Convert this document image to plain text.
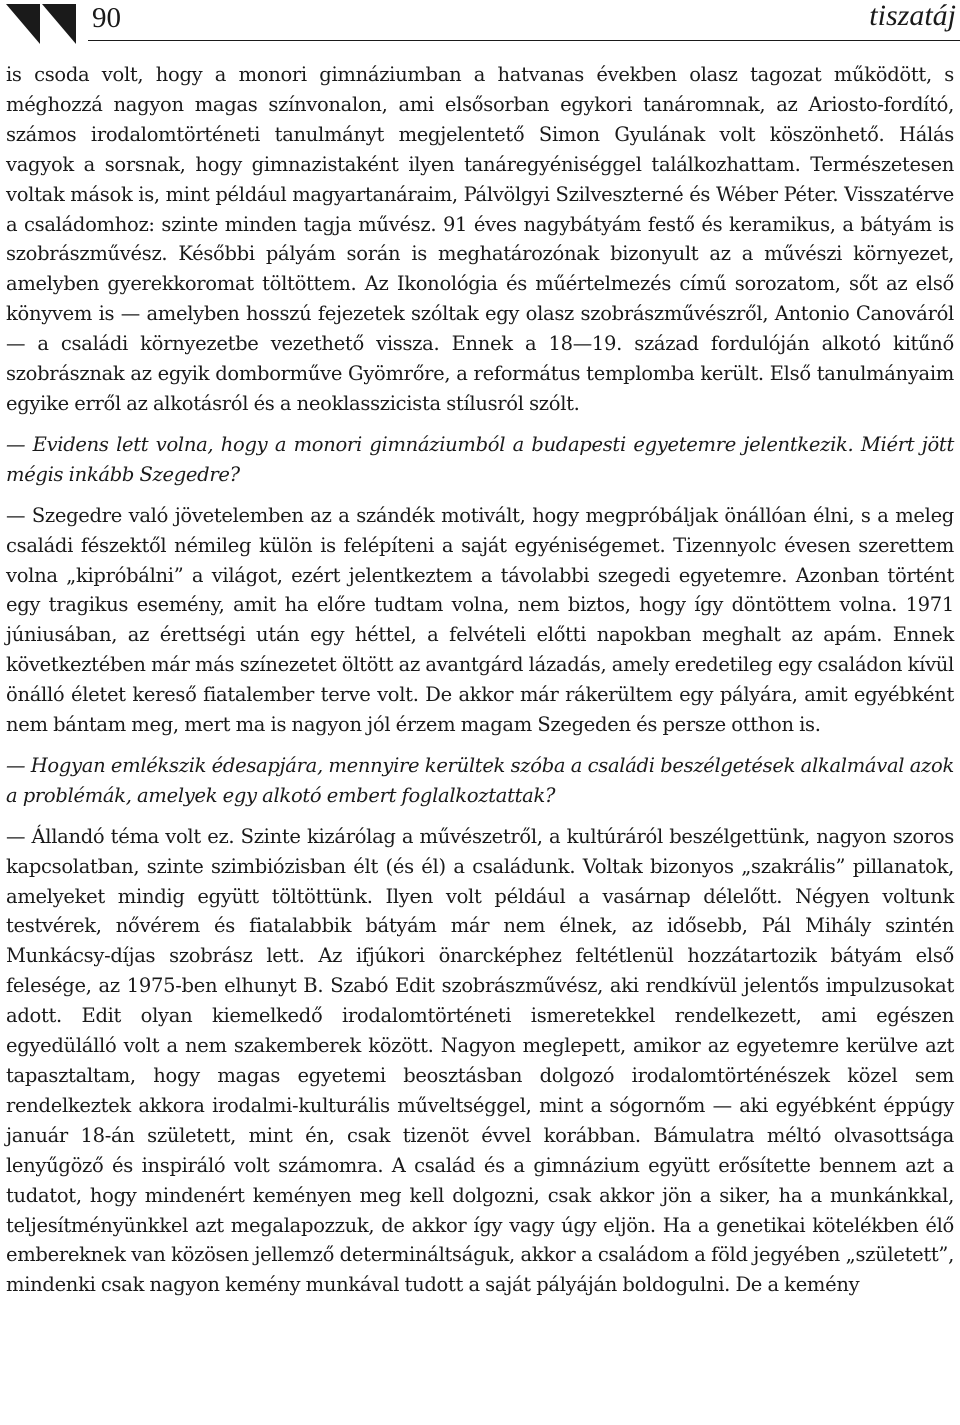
90	tiszatáj

is csoda volt, hogy a monori gimnáziumban a hatvanas években olasz tagozat működött, s méghozzá nagyon magas színvonalon, ami elsősorban egykori tanáromnak, az Ariosto-fordító, számos irodalomtörténeti tanulmányt megjelentető Simon Gyulának volt köszönhető. Hálás vagyok a sorsnak, hogy gimnazistaként ilyen tanáregyéniséggel találkozhattam. Természetesen voltak mások is, mint például magyartanáraim, Pálvölgyi Szilveszterné és Wéber Péter. Visszatérve a családomhoz: szinte minden tagja művész. 91 éves nagybátyám festő és keramikus, a bátyám is szobrászművész. Későbbi pályám során is meghatározónak bizonyult az a művészi környezet, amelyben gyerekkoromat töltöttem. Az Ikonológia és műértelmezés című sorozatom, sőt az első könyvem is — amelyben hosszú fejezetek szóltak egy olasz szobrászművészről, Antonio Canováról — a családi környezetbe vezethető vissza. Ennek a 18—19. század fordulóján alkotó kitűnő szobrásznak az egyik domborműve Gyömrőre, a református templomba került. Első tanulmányaim egyike erről az alkotásról és a neoklasszicista stílusról szólt.

— Evidens lett volna, hogy a monori gimnáziumból a budapesti egyetemre jelentkezik. Miért jött mégis inkább Szegedre?

— Szegedre való jövetelemben az a szándék motivált, hogy megpróbáljak önállóan élni, s a meleg családi fészektől némileg külön is felépíteni a saját egyéniségemet. Tizennyolc évesen szerettem volna „kipróbálni” a világot, ezért jelentkeztem a távolabbi szegedi egyetemre. Azonban történt egy tragikus esemény, amit ha előre tudtam volna, nem biztos, hogy így döntöttem volna. 1971 júniusában, az érettségi után egy héttel, a felvételi előtti napokban meghalt az apám. Ennek következtében már más színezetet öltött az avantgárd lázadás, amely eredetileg egy családon kívül önálló életet kereső fiatalember terve volt. De akkor már rákerültem egy pályára, amit egyébként nem bántam meg, mert ma is nagyon jól érzem magam Szegeden és persze otthon is.

— Hogyan emlékszik édesapjára, mennyire kerültek szóba a családi beszélgetések alkalmával azok a problémák, amelyek egy alkotó embert foglalkoztattak?

— Állandó téma volt ez. Szinte kizárólag a művészetről, a kultúráról beszélgettünk, nagyon szoros kapcsolatban, szinte szimbiózisban élt (és él) a családunk. Voltak bizonyos „szakrális” pillanatok, amelyeket mindig együtt töltöttünk. Ilyen volt például a vasárnap délelőtt. Négyen voltunk testvérek, nővérem és fiatalabbik bátyám már nem élnek, az idősebb, Pál Mihály szintén Munkácsy-díjas szobrász lett. Az ifjúkori önarcképhez feltétlenül hozzátartozik bátyám első felesége, az 1975-ben elhunyt B. Szabó Edit szobrászművész, aki rendkívül jelentős impulzusokat adott. Edit olyan kiemelkedő irodalomtörténeti ismeretekkel rendelkezett, ami egészen egyedülálló volt a nem szakemberek között. Nagyon meglepett, amikor az egyetemre kerülve azt tapasztaltam, hogy magas egyetemi beosztásban dolgozó irodalomtörténészek közel sem rendelkeztek akkora irodalmi-kulturális műveltséggel, mint a sógornőm — aki egyébként éppúgy január 18-án született, mint én, csak tizenöt évvel korábban. Bámulatra méltó olvasottsága lenyűgöző és inspiráló volt számomra. A család és a gimnázium együtt erősítette bennem azt a tudatot, hogy mindenért keményen meg kell dolgozni, csak akkor jön a siker, ha a munkánkkal, teljesítményünkkel azt megalapozzuk, de akkor így vagy úgy eljön. Ha a genetikai kötelékben élő embereknek van közösen jellemző determináltságuk, akkor a családom a föld jegyében „született”, mindenki csak nagyon kemény munkával tudott a saját pályáján boldogulni. De a kemény
